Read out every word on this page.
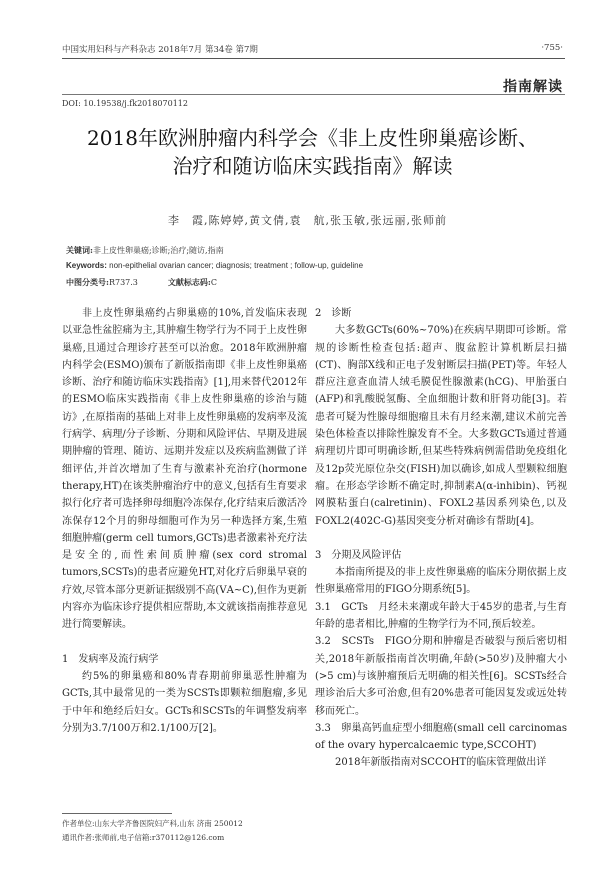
中国实用妇科与产科杂志 2018年7月 第34卷 第7期	·755·
指南解读
DOI: 10.19538/j.fk2018070112
2018年欧洲肿瘤内科学会《非上皮性卵巢癌诊断、
治疗和随访临床实践指南》解读
李　霞,陈婷婷,黄文倩,袁　航,张玉敏,张远丽,张师前
关键词:非上皮性卵巢癌;诊断;治疗;随访,指南
Keywords: non-epithelial ovarian cancer; diagnosis; treatment ; follow-up, guideline
中图分类号:R737.3	文献标志码:C

非上皮性卵巢癌约占卵巢癌的10%,首发临床表现以亚急性盆腔痛为主,其肿瘤生物学行为不同于上皮性卵巢癌,且通过合理诊疗甚至可以治愈。2018年欧洲肿瘤内科学会(ESMO)颁布了新版指南即《非上皮性卵巢癌诊断、治疗和随访临床实践指南》[1],用来替代2012年的ESMO临床实践指南《非上皮性卵巢癌的诊治与随访》,在原指南的基础上对非上皮性卵巢癌的发病率及流行病学、病理/分子诊断、分期和风险评估、早期及进展期肿瘤的管理、随访、远期并发症以及疾病监测做了详细评估,并首次增加了生育与激素补充治疗(hormone therapy,HT)在该类肿瘤治疗中的意义,包括有生育要求拟行化疗者可选择卵母细胞冷冻保存,化疗结束后激活冷冻保存12个月的卵母细胞可作为另一种选择方案,生殖细胞肿瘤(germ cell tumors,GCTs)患者激素补充疗法是安全的,而性索间质肿瘤(sex cord stromal tumors,SCSTs)的患者应避免HT,对化疗后卵巢早衰的疗效,尽管本部分更新证据级别不高(ⅤA~C),但作为更新内容亦为临床诊疗提供相应帮助,本文就该指南推荐意见进行简要解读。

1　发病率及流行病学

约5%的卵巢癌和80%青春期前卵巢恶性肿瘤为GCTs,其中最常见的一类为SCSTs即颗粒细胞瘤,多见于中年和绝经后妇女。GCTs和SCSTs的年调整发病率分别为3.7/100万和2.1/100万[2]。

2　诊断

大多数GCTs(60%~70%)在疾病早期即可诊断。常规的诊断性检查包括:超声、腹盆腔计算机断层扫描(CT)、胸部X线和正电子发射断层扫描(PET)等。年轻人群应注意查血清人绒毛膜促性腺激素(hCG)、甲胎蛋白(AFP)和乳酸脱氢酶、全血细胞计数和肝肾功能[3]。若患者可疑为性腺母细胞瘤且未有月经来潮,建议术前完善染色体检查以排除性腺发育不全。大多数GCTs通过普通病理切片即可明确诊断,但某些特殊病例需借助免疫组化及12p荧光原位杂交(FISH)加以确诊,如成人型颗粒细胞瘤。在形态学诊断不确定时,抑制素A(α-inhibin)、钙视网膜粘蛋白(calretinin)、FOXL2基因系列染色,以及FOXL2(402C-G)基因突变分析对确诊有帮助[4]。

3　分期及风险评估

本指南所提及的非上皮性卵巢癌的临床分期依据上皮性卵巢癌常用的FIGO分期系统[5]。

3.1　GCTs　月经未来潮或年龄大于45岁的患者,与生育年龄的患者相比,肿瘤的生物学行为不同,预后较差。

3.2　SCSTs　FIGO分期和肿瘤是否破裂与预后密切相关,2018年新版指南首次明确,年龄(>50岁)及肿瘤大小(>5 cm)与该肿瘤预后无明确的相关性[6]。SCSTs经合理诊治后大多可治愈,但有20%患者可能因复发或远处转移而死亡。

3.3　卵巢高钙血症型小细胞癌(small cell carcinomas of the ovary hypercalcaemic type,SCCOHT)

2018年新版指南对SCCOHT的临床管理做出详

作者单位:山东大学齐鲁医院妇产科,山东 济南 250012
通讯作者:张师前,电子信箱:r370112@126.com
